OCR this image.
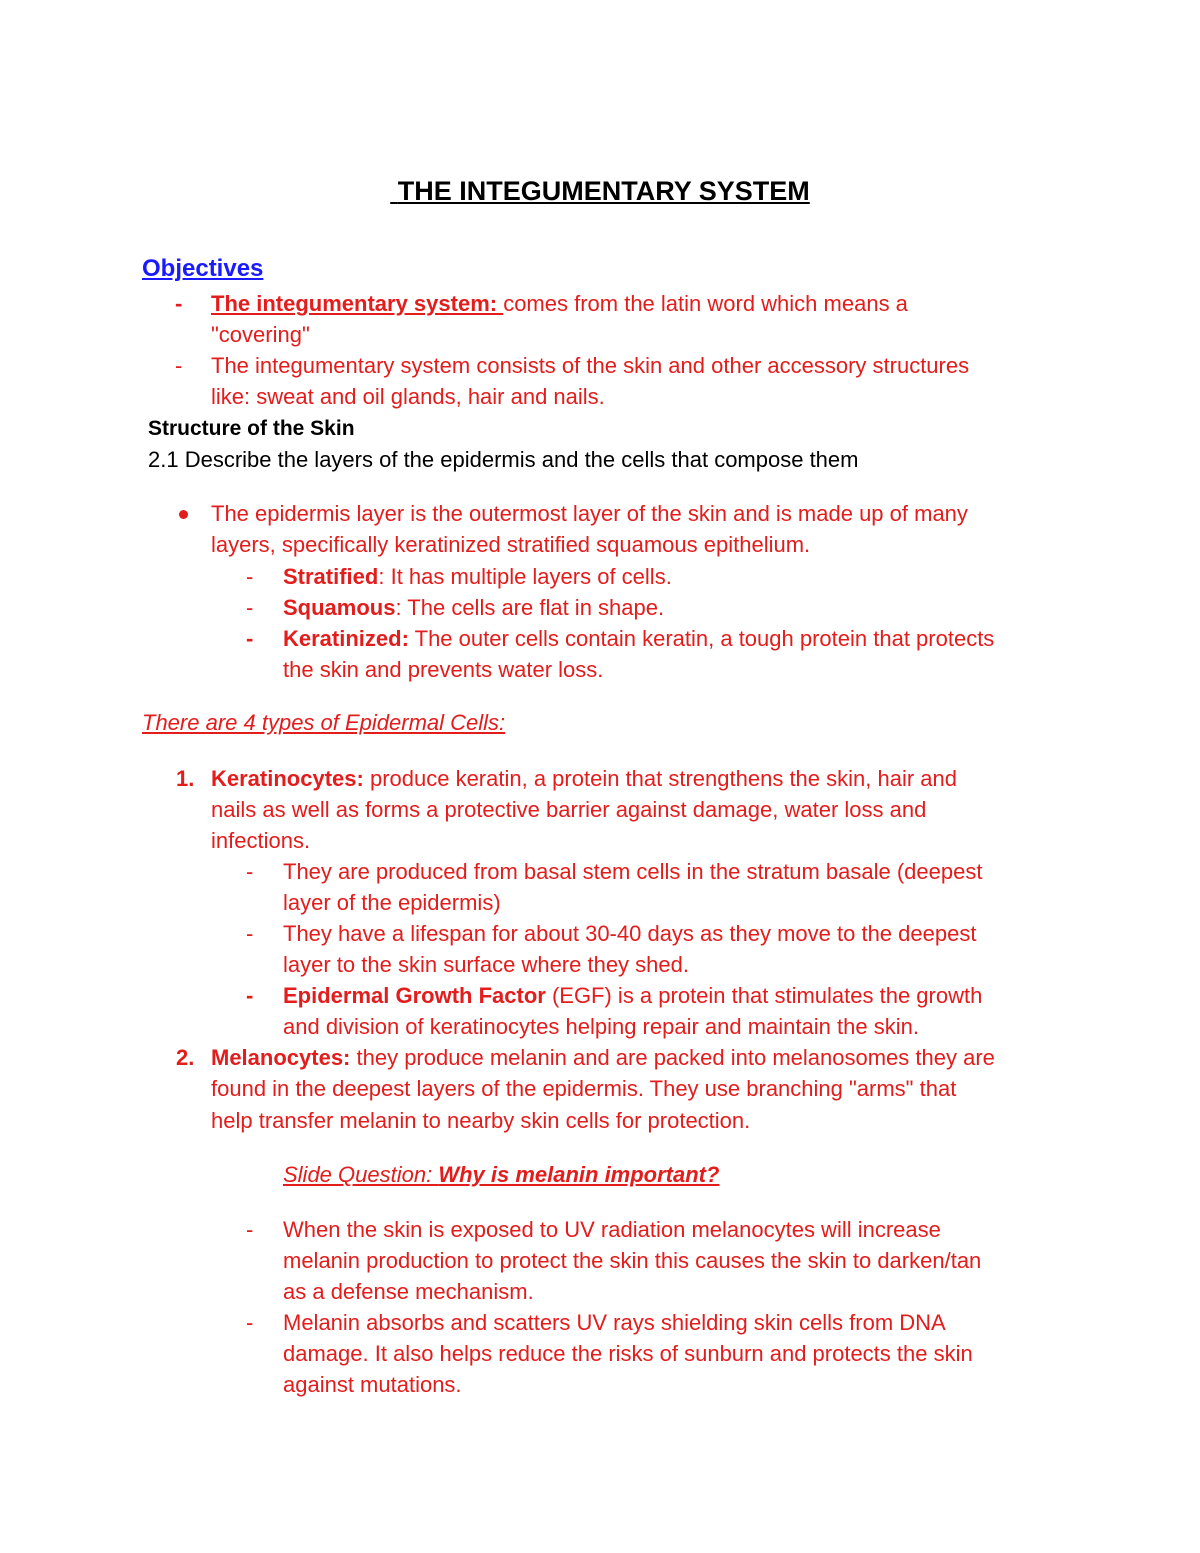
THE INTEGUMENTARY SYSTEM
Objectives
- The integumentary system: comes from the latin word which means a
"covering"
- The integumentary system consists of the skin and other accessory structures
like: sweat and oil glands, hair and nails.
Structure of the Skin
2.1 Describe the layers of the epidermis and the cells that compose them
The epidermis layer is the outermost layer of the skin and is made up of many
layers, specifically keratinized stratified squamous epithelium.
- Stratified: It has multiple layers of cells.
- Squamous: The cells are flat in shape.
- Keratinized: The outer cells contain keratin, a tough protein that protects
the skin and prevents water loss.
There are 4 types of Epidermal Cells:
1. Keratinocytes: produce keratin, a protein that strengthens the skin, hair and
nails as well as forms a protective barrier against damage, water loss and
infections.
- They are produced from basal stem cells in the stratum basale (deepest
layer of the epidermis)
- They have a lifespan for about 30-40 days as they move to the deepest
layer to the skin surface where they shed.
- Epidermal Growth Factor (EGF) is a protein that stimulates the growth
and division of keratinocytes helping repair and maintain the skin.
2. Melanocytes: they produce melanin and are packed into melanosomes they are
found in the deepest layers of the epidermis. They use branching "arms" that
help transfer melanin to nearby skin cells for protection.
Slide Question: Why is melanin important?
- When the skin is exposed to UV radiation melanocytes will increase
melanin production to protect the skin this causes the skin to darken/tan
as a defense mechanism.
- Melanin absorbs and scatters UV rays shielding skin cells from DNA
damage. It also helps reduce the risks of sunburn and protects the skin
against mutations.
